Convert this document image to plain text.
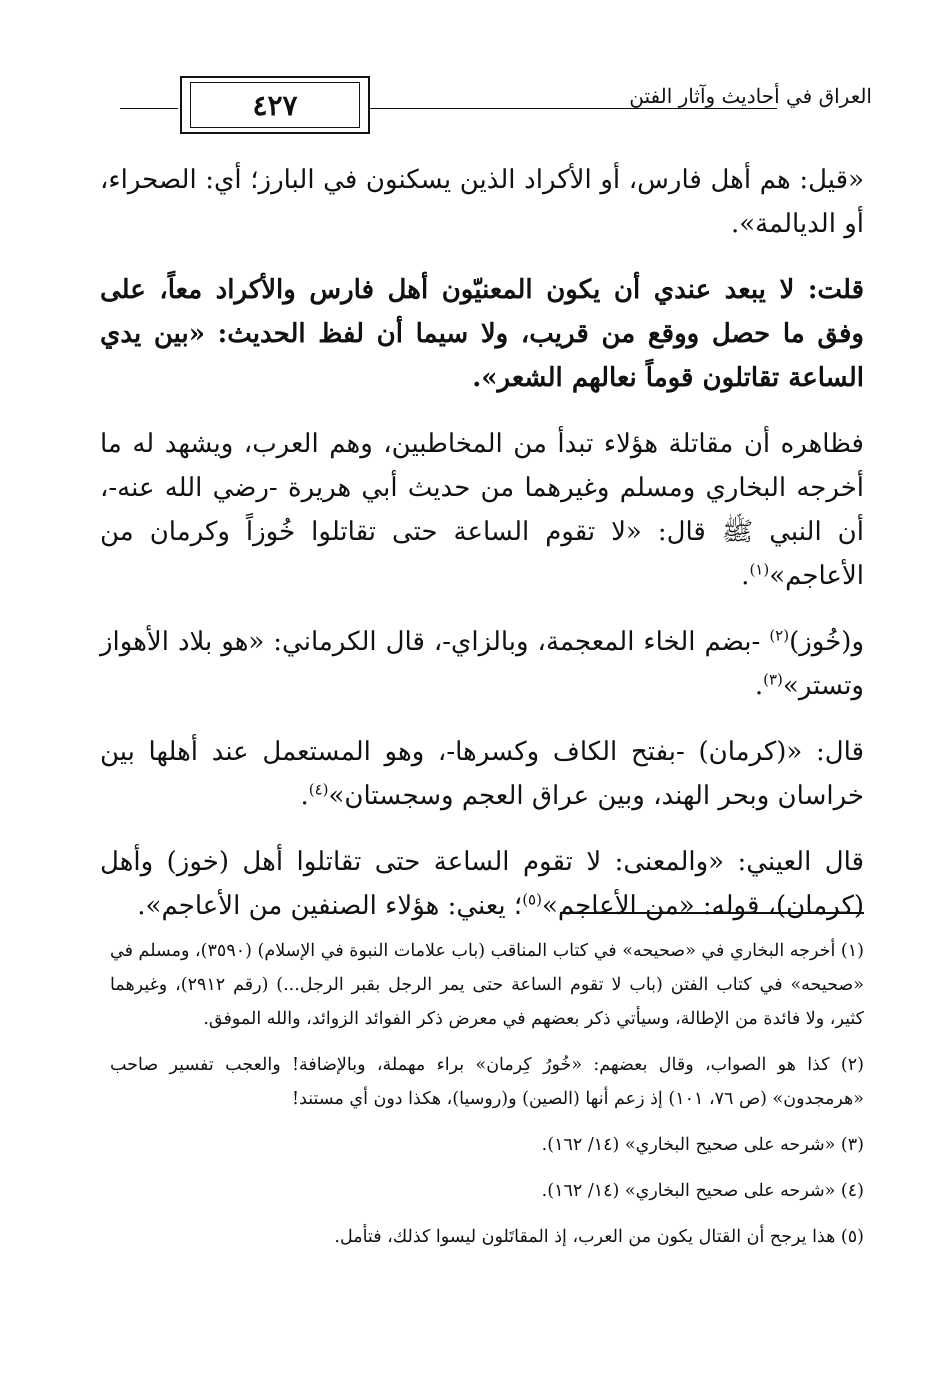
٤٢٧	العراق في أحاديث وآثار الفتن

«قيل: هم أهل فارس، أو الأكراد الذين يسكنون في البارز؛ أي: الصحراء، أو الديالمة».

قلت: لا يبعد عندي أن يكون المعنيّون أهل فارس والأكراد معاً، على وفق ما حصل ووقع من قريب، ولا سيما أن لفظ الحديث: «بين يدي الساعة تقاتلون قوماً نعالهم الشعر».

فظاهره أن مقاتلة هؤلاء تبدأ من المخاطبين، وهم العرب، ويشهد له ما أخرجه البخاري ومسلم وغيرهما من حديث أبي هريرة -رضي الله عنه-، أن النبي ﷺ قال: «لا تقوم الساعة حتى تقاتلوا خُوزاً وكرمان من الأعاجم»$^{(١)}$.

و(خُوز)$^{(٢)}$ -بضم الخاء المعجمة، وبالزاي-، قال الكرماني: «هو بلاد الأهواز وتستر»$^{(٣)}$.

قال: «(كرمان) -بفتح الكاف وكسرها-، وهو المستعمل عند أهلها بين خراسان وبحر الهند، وبين عراق العجم وسجستان»$^{(٤)}$.

قال العيني: «والمعنى: لا تقوم الساعة حتى تقاتلوا أهل (خوز) وأهل (كرمان)، قوله: «من الأعاجم»$^{(٥)}$؛ يعني: هؤلاء الصنفين من الأعاجم».

(١) أخرجه البخاري في «صحيحه» في كتاب المناقب (باب علامات النبوة في الإسلام) (٣٥٩٠)، ومسلم في «صحيحه» في كتاب الفتن (باب لا تقوم الساعة حتى يمر الرجل بقبر الرجل...) (رقم ٢٩١٢)، وغيرهما كثير، ولا فائدة من الإطالة، وسيأتي ذكر بعضهم في معرض ذكر الفوائد الزوائد، والله الموفق.

(٢) كذا هو الصواب، وقال بعضهم: «خُورُ كِرمان» براء مهملة، وبالإضافة! والعجب تفسير صاحب «هرمجدون» (ص ٧٦، ١٠١) إذ زعم أنها (الصين) و(روسيا)، هكذا دون أي مستند!

(٣) «شرحه على صحيح البخاري» (١٤/ ١٦٢).

(٤) «شرحه على صحيح البخاري» (١٤/ ١٦٢).

(٥) هذا يرجح أن القتال يكون من العرب، إذ المقاتَلون ليسوا كذلك، فتأمل.
